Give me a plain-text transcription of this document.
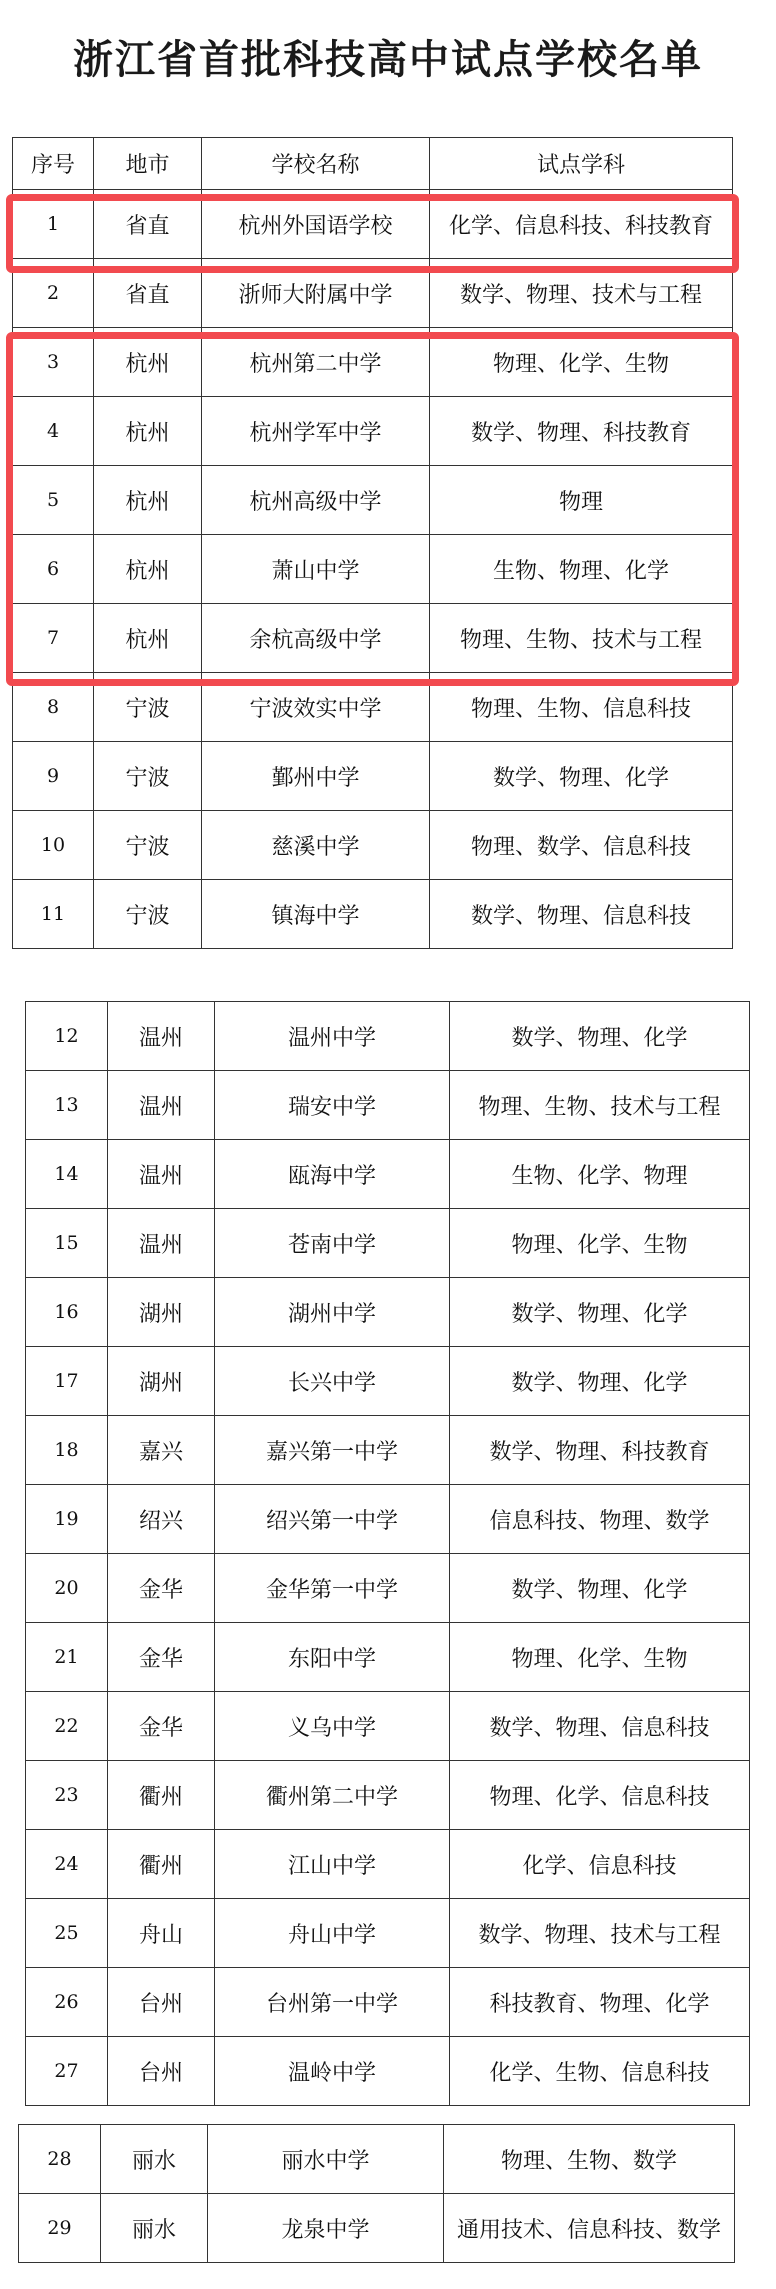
浙江省首批科技高中试点学校名单
序号	地市	学校名称	试点学科
1	省直	杭州外国语学校	化学、信息科技、科技教育
2	省直	浙师大附属中学	数学、物理、技术与工程
3	杭州	杭州第二中学	物理、化学、生物
4	杭州	杭州学军中学	数学、物理、科技教育
5	杭州	杭州高级中学	物理
6	杭州	萧山中学	生物、物理、化学
7	杭州	余杭高级中学	物理、生物、技术与工程
8	宁波	宁波效实中学	物理、生物、信息科技
9	宁波	鄞州中学	数学、物理、化学
10	宁波	慈溪中学	物理、数学、信息科技
11	宁波	镇海中学	数学、物理、信息科技
12	温州	温州中学	数学、物理、化学
13	温州	瑞安中学	物理、生物、技术与工程
14	温州	瓯海中学	生物、化学、物理
15	温州	苍南中学	物理、化学、生物
16	湖州	湖州中学	数学、物理、化学
17	湖州	长兴中学	数学、物理、化学
18	嘉兴	嘉兴第一中学	数学、物理、科技教育
19	绍兴	绍兴第一中学	信息科技、物理、数学
20	金华	金华第一中学	数学、物理、化学
21	金华	东阳中学	物理、化学、生物
22	金华	义乌中学	数学、物理、信息科技
23	衢州	衢州第二中学	物理、化学、信息科技
24	衢州	江山中学	化学、信息科技
25	舟山	舟山中学	数学、物理、技术与工程
26	台州	台州第一中学	科技教育、物理、化学
27	台州	温岭中学	化学、生物、信息科技
28	丽水	丽水中学	物理、生物、数学
29	丽水	龙泉中学	通用技术、信息科技、数学
